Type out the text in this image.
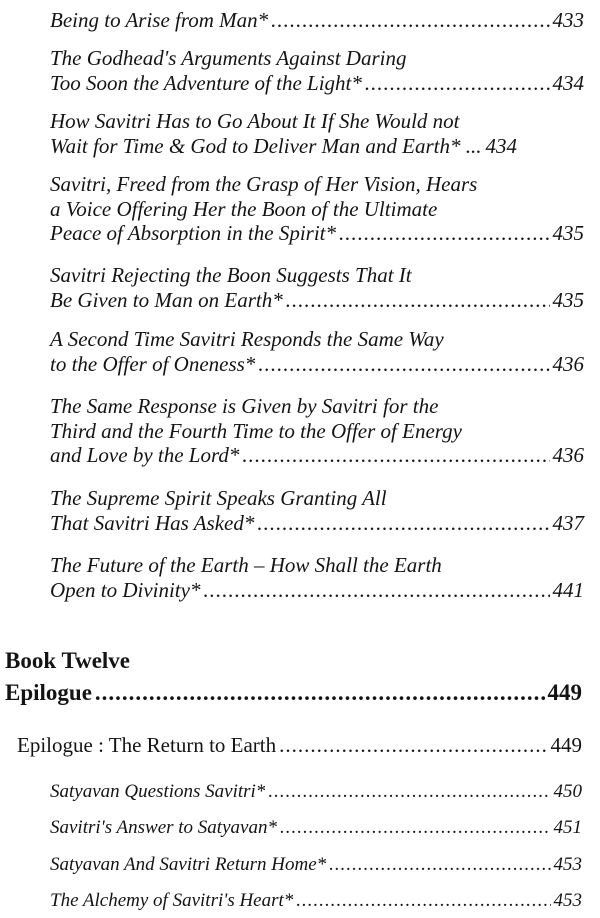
Being to Arise from Man* .....	433
The Godhead's Arguments Against Daring
Too Soon the Adventure of the Light* .....	434
How Savitri Has to Go About It If She Would not
Wait for Time & God to Deliver Man and Earth* ... 434
Savitri, Freed from the Grasp of Her Vision, Hears
a Voice Offering Her the Boon of the Ultimate
Peace of Absorption in the Spirit* .....	435
Savitri Rejecting the Boon Suggests That It
Be Given to Man on Earth* .....	435
A Second Time Savitri Responds the Same Way
to the Offer of Oneness* .....	436
The Same Response is Given by Savitri for the
Third and the Fourth Time to the Offer of Energy
and Love by the Lord* .....	436
The Supreme Spirit Speaks Granting All
That Savitri Has Asked* .....	437
The Future of the Earth – How Shall the Earth
Open to Divinity* .....	441
Book Twelve
Epilogue .....	449
Epilogue : The Return to Earth .....	449
Satyavan Questions Savitri* .....	450
Savitri's Answer to Satyavan* .....	451
Satyavan And Savitri Return Home* .....	453
The Alchemy of Savitri's Heart* .....	453
